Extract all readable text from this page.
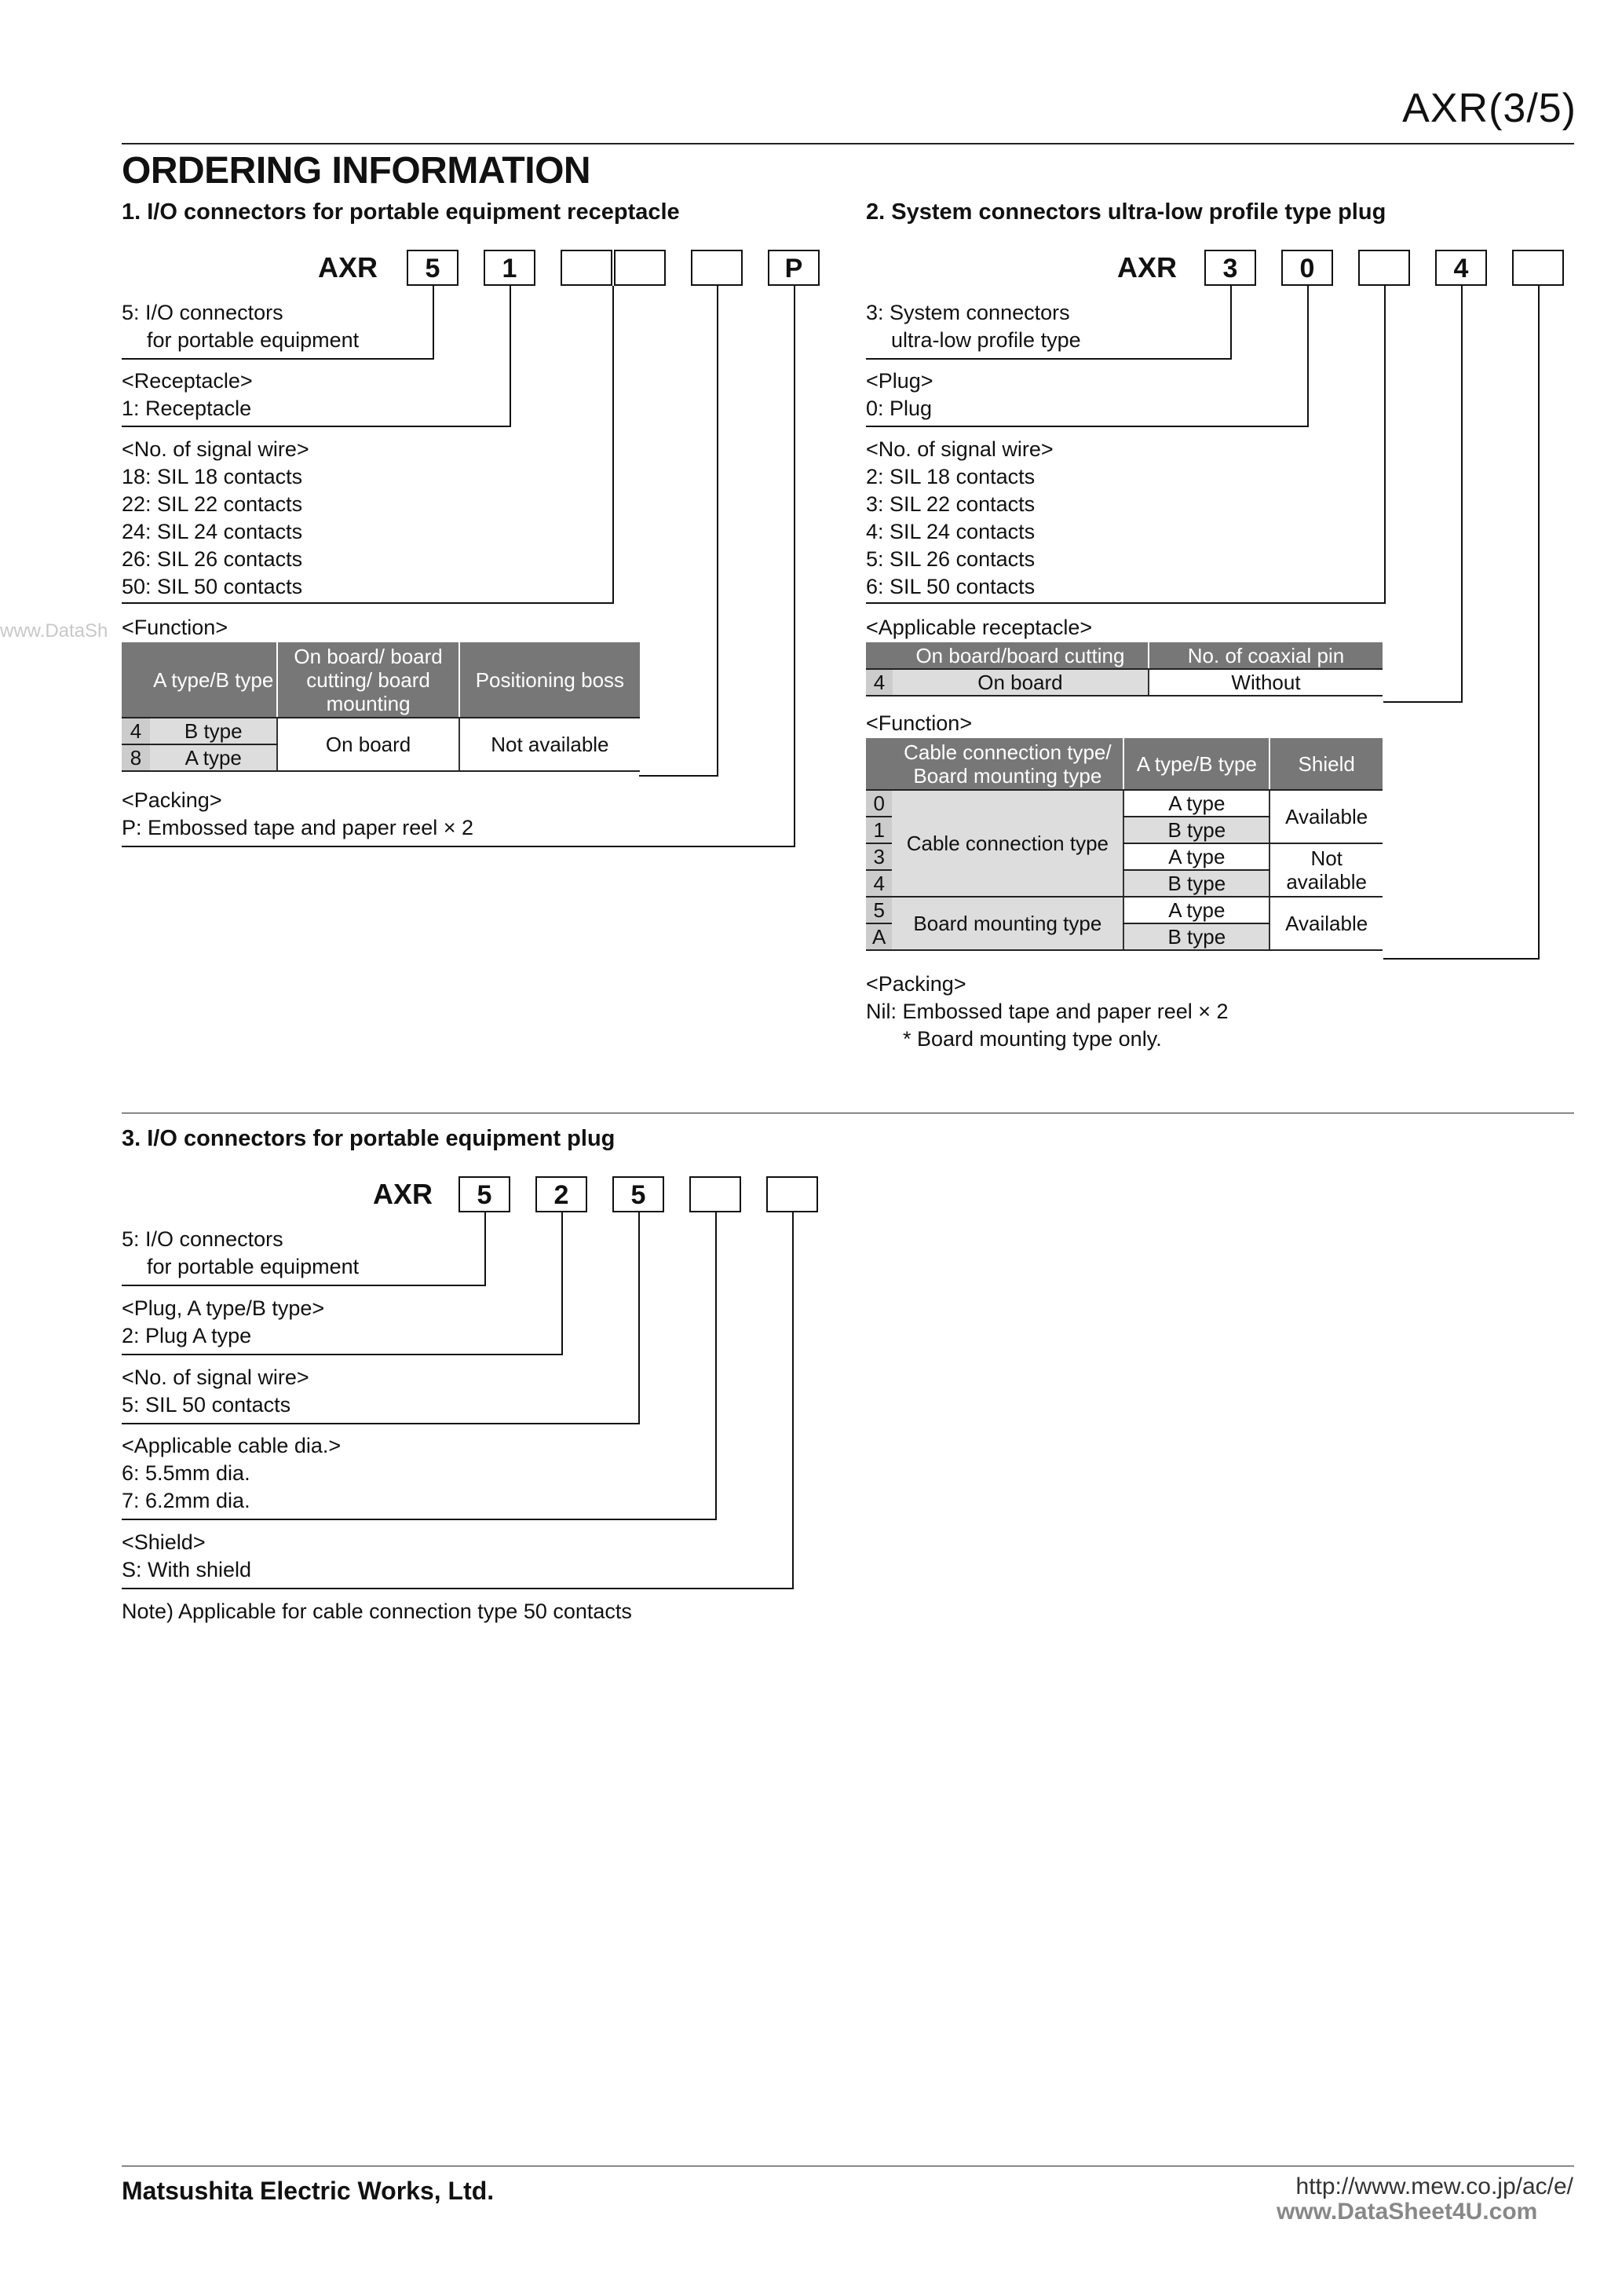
AXR(3/5)
ORDERING INFORMATION
1. I/O connectors for portable equipment receptacle
AXR	5	1	P
5: I/O connectors
for portable equipment
<Receptacle>
1: Receptacle
<No. of signal wire>
18: SIL 18 contacts
22: SIL 22 contacts
24: SIL 24 contacts
26: SIL 26 contacts
50: SIL 50 contacts
<Function>
	A type/B type	On board/ board cutting/ board mounting	Positioning boss
4	B type	On board	Not available
8	A type		
<Packing>
P: Embossed tape and paper reel × 2
2. System connectors ultra-low profile type plug
AXR	3	0	4
3: System connectors
ultra-low profile type
<Plug>
0: Plug
<No. of signal wire>
2: SIL 18 contacts
3: SIL 22 contacts
4: SIL 24 contacts
5: SIL 26 contacts
6: SIL 50 contacts
<Applicable receptacle>
	On board/board cutting	No. of coaxial pin
4	On board	Without
<Function>
	Cable connection type/ Board mounting type	A type/B type	Shield
0	Cable connection type	A type	Available
1		B type	
3		A type	Not available
4		B type	
5	Board mounting type	A type	Available
A		B type	
<Packing>
Nil: Embossed tape and paper reel × 2
* Board mounting type only.
3. I/O connectors for portable equipment plug
AXR	5	2	5
5: I/O connectors
for portable equipment
<Plug, A type/B type>
2: Plug A type
<No. of signal wire>
5: SIL 50 contacts
<Applicable cable dia.>
6: 5.5mm dia.
7: 6.2mm dia.
<Shield>
S: With shield
Note) Applicable for cable connection type 50 contacts
Matsushita Electric Works, Ltd.	http://www.mew.co.jp/ac/e/
www.DataSheet4U.com
www.DataSh
